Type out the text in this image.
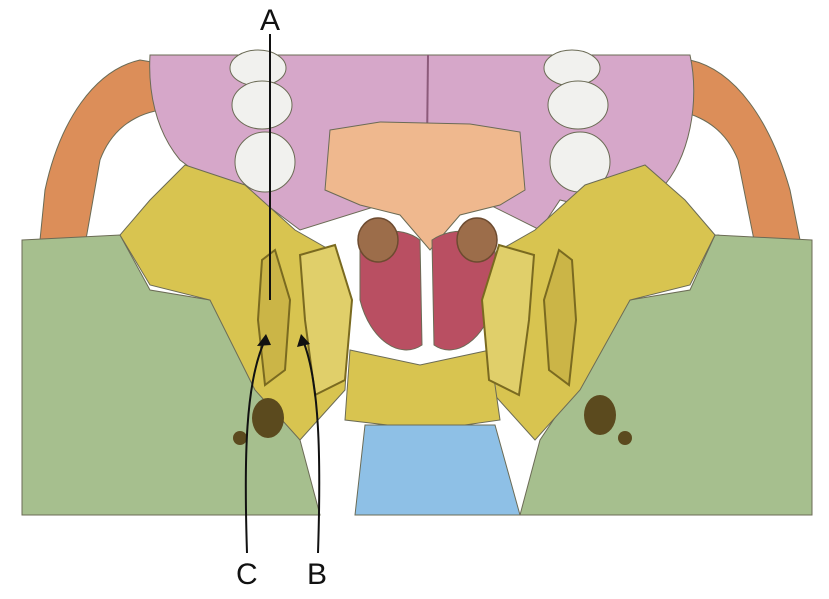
A
C B
